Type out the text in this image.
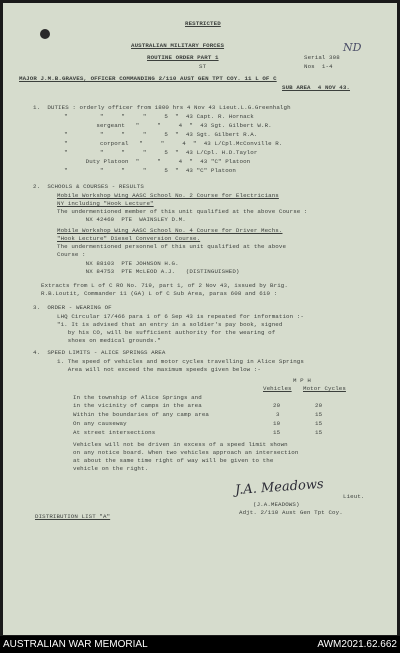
RESTRICTED
AUSTRALIAN MILITARY FORCES
ROUTINE ORDER PART 1
ST
Serial 308
Nos  1-4
ND
MAJOR J.M.B.GRAVES, OFFICER COMMANDING 2/110 AUST GEN TPT COY. 11 L OF C
SUB AREA  4 NOV 43.
1.  DUTIES : orderly officer from 1800 hrs 4 Nov 43 Lieut.L.G.Greenhalgh
"         "     "     "     5  "  43 Capt. R. Hornack
sergeant   "     "     4  "  43 Sgt. Gilbert W.R.
"         "     "     "     5  "  43 Sgt. Gilbert R.A.
"         corporal   "     "     4  "  43 L/Cpl.McConville R.
"         "     "     "     5  "  43 L/Cpl. H.D.Taylor
Duty Platoon  "     "     4  "  43 "C" Platoon
"         "     "     "     5  "  43 "C" Platoon
2.  SCHOOLS & COURSES - RESULTS
Mobile Workshop Wing AASC School No. 2 Course for Electricians
NY including "Hook Lecture"
The undermentioned member of this unit qualified at the above Course :
NX 42460  PTE  WAINSLEY D.M.
Mobile Workshop Wing AASC School No. 4 Course for Driver Mechs.
"Hook Lecture" Diesel Conversion Course.
The undermentioned personnel of this unit qualified at the above
Course :
NX 88103  PTE JOHNSON H.G.
NX 84753  PTE McLEOD A.J.   (DISTINGUISHED)
Extracts from L of C RO No. 719, part 1, of 2 Nov 43, issued by Brig.
R.B.Loutit, Commander 11 (GA) L of C Sub Area, paras 608 and 610 :
3.  ORDER - WEARING OF
LHQ Circular 17/466 para 1 of 6 Sep 43 is repeated for information :-
"1. It is advised that an entry in a soldier's pay book, signed
by his CO, will be sufficient authority for the wearing of
shoes on medical grounds."
4.  SPEED LIMITS - ALICE SPRINGS AREA
1. The speed of vehicles and motor cycles travelling in Alice Springs
Area will not exceed the maximum speeds given below :-
M P H
Vehicles Motor Cycles
In the township of Alice Springs and
in the vicinity of camps in the area	20	20
Within the boundaries of any camp area	3	15
On any causeway	10	15
At street intersections	15	15
Vehicles will not be driven in excess of a speed limit shown
on any notice board. When two vehicles approach an intersection
at about the same time right of way will be given to the
vehicle on the right.
J.A. Meadows	Lieut.
(J.A.MEADOWS)
Adjt. 2/110 Aust Gen Tpt Coy.
DISTRIBUTION LIST "A"
AUSTRALIAN WAR MEMORIAL	AWM2021.62.662
